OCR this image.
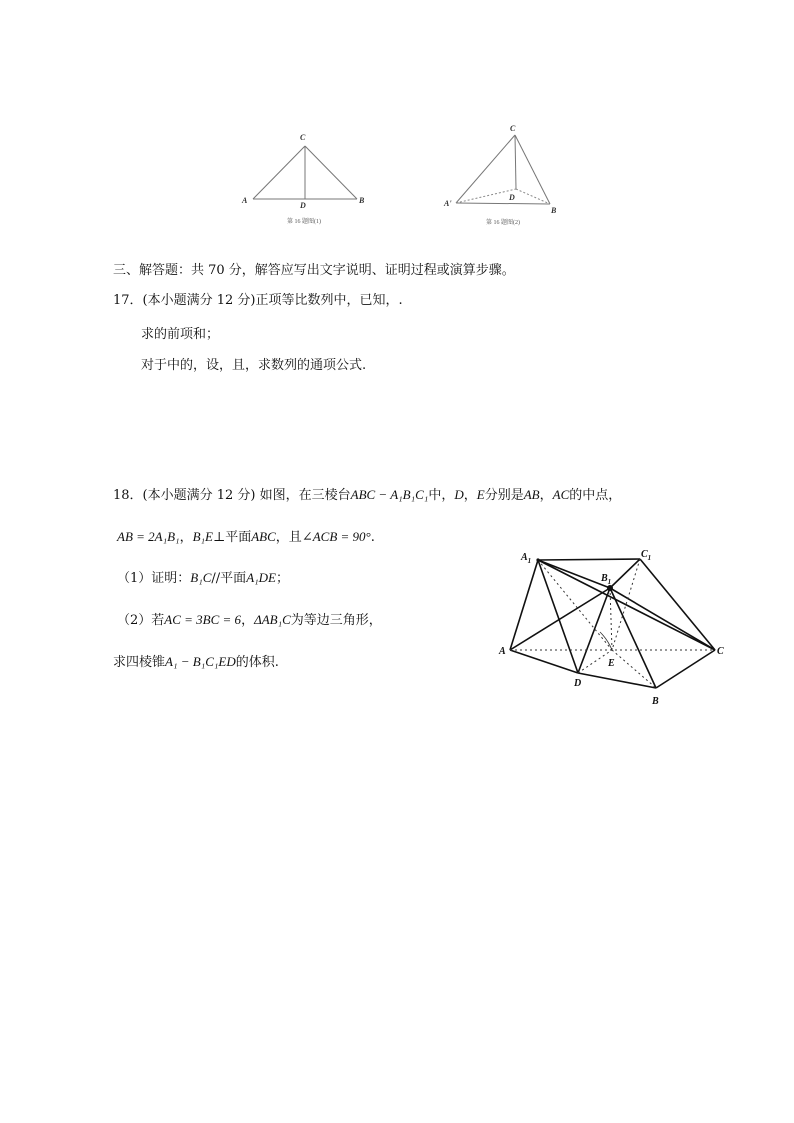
C
A	B
D
第 16 题图(1)
C
A'
B
D
第 16 题图(2)
三、解答题：共 70 分，解答应写出文字说明、证明过程或演算步骤。
17．(本小题满分 12 分)正项等比数列中，已知，.
求的前项和；
对于中的，设，且，求数列的通项公式.
18．(本小题满分 12 分) 如图，在三棱台ABC − A₁B₁C₁中，D，E分别是AB，AC的中点，
AB = 2A₁B₁，B₁E⊥平面ABC，且∠ACB = 90°.
（1）证明：B₁C//平面A₁DE；
（2）若AC = 3BC = 6，ΔAB₁C为等边三角形，
求四棱锥A₁ − B₁C₁ED的体积.
$A_1$
$C_1$
$B_1$
A	C
D
E
B
